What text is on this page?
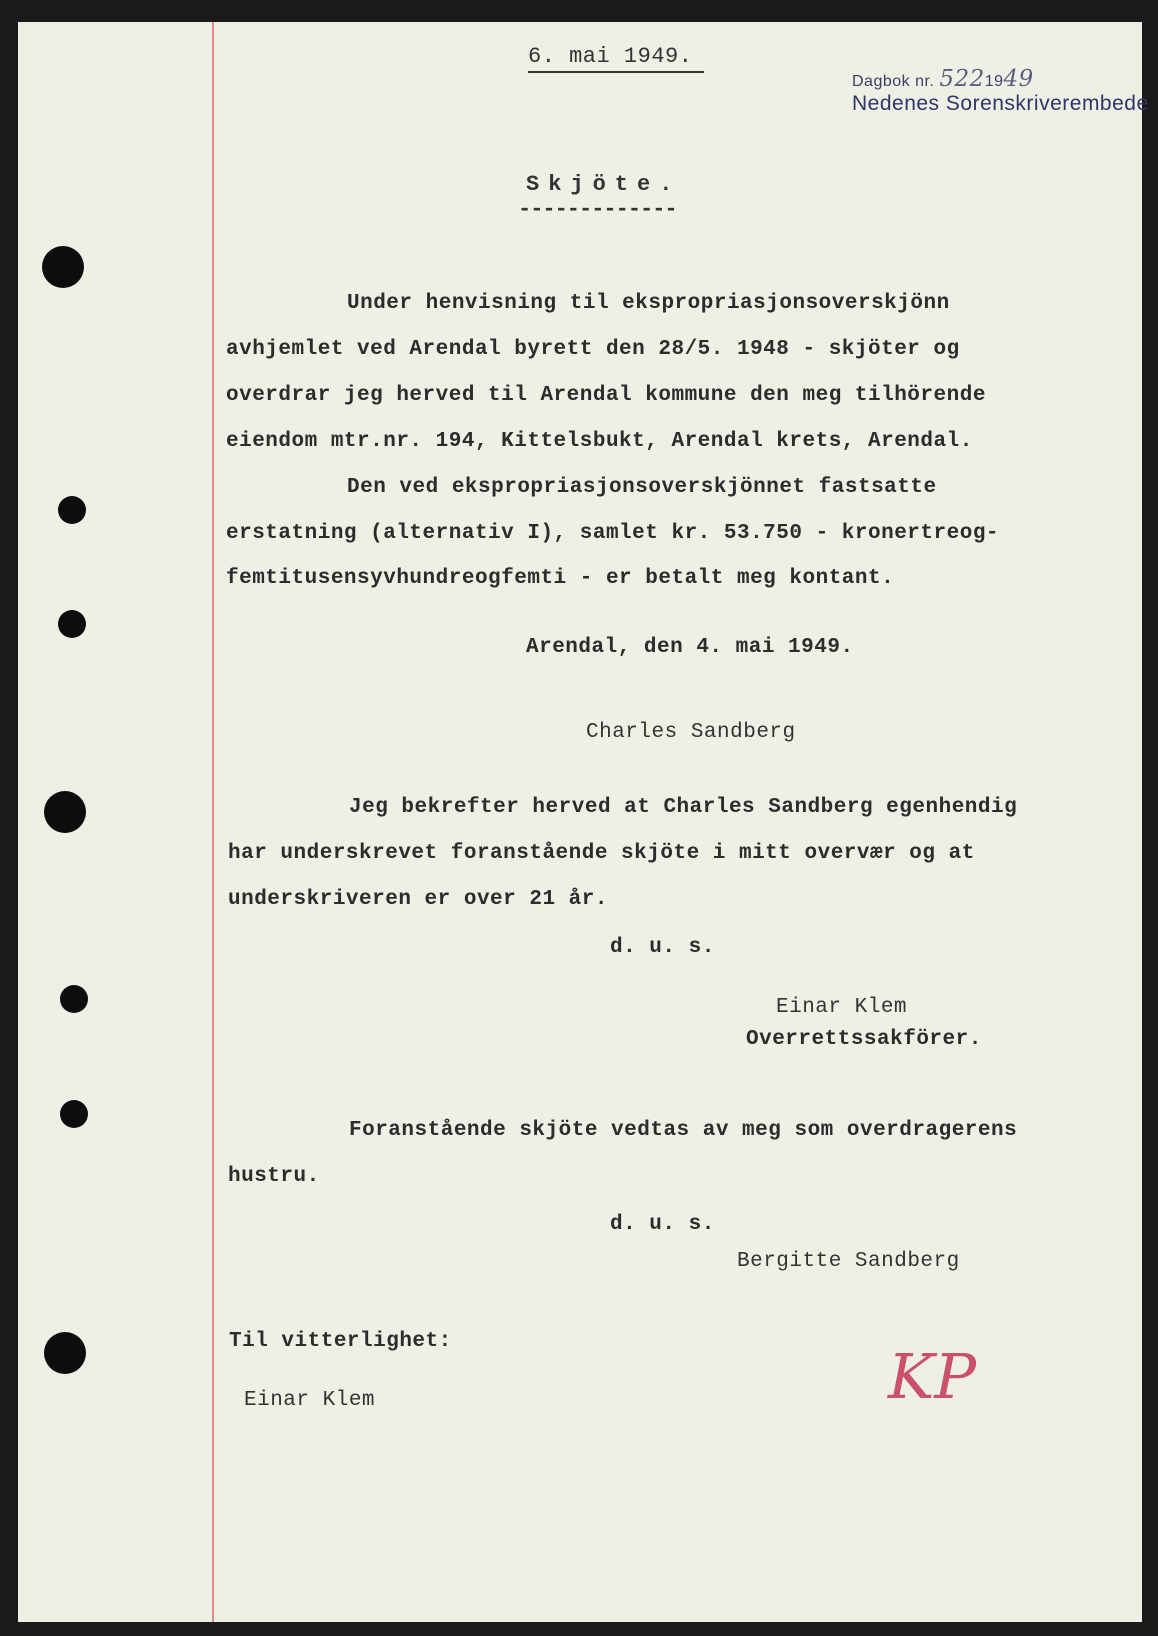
6. mai 1949.
Dagbok nr. 5221949
Nedenes Sorenskriverembede
Skjöte.
-------------
Under henvisning til ekspropriasjonsoverskjönn
avhjemlet ved Arendal byrett den 28/5. 1948 - skjöter og
overdrar jeg herved til Arendal kommune den meg tilhörende
eiendom mtr.nr. 194, Kittelsbukt, Arendal krets, Arendal.
Den ved ekspropriasjonsoverskjönnet fastsatte
erstatning (alternativ I), samlet kr. 53.750 - kronertreog-
femtitusensyvhundreogfemti - er betalt meg kontant.
Arendal, den 4. mai 1949.
Charles Sandberg
Jeg bekrefter herved at Charles Sandberg egenhendig
har underskrevet foranstående skjöte i mitt overvær og at
underskriveren er over 21 år.
d. u. s.
Einar Klem
Overrettssakförer.
Foranstående skjöte vedtas av meg som overdragerens
hustru.
d. u. s.
Bergitte Sandberg
Til vitterlighet:
Einar Klem	KP
